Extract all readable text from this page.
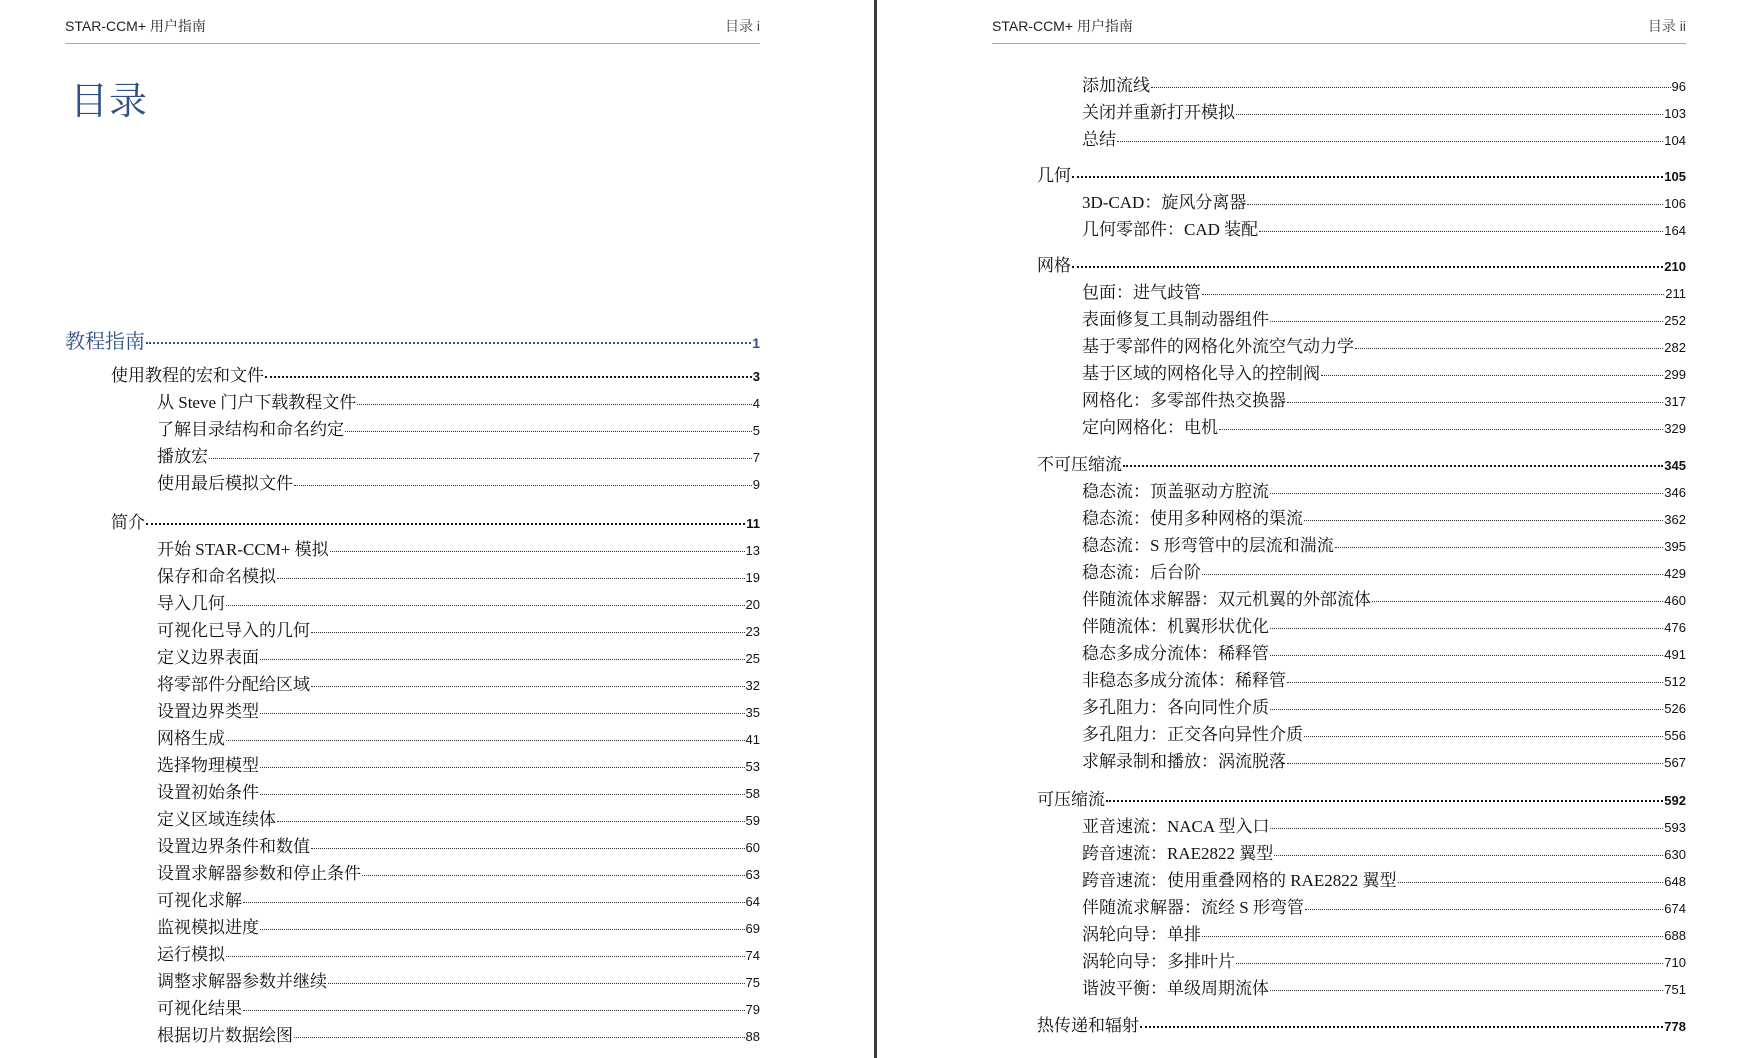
STAR-CCM+ 用户指南	目录 i
目录
教程指南	1
使用教程的宏和文件	3
从 Steve 门户下载教程文件	4
了解目录结构和命名约定	5
播放宏	7
使用最后模拟文件	9
简介	11
开始 STAR-CCM+ 模拟	13
保存和命名模拟	19
导入几何	20
可视化已导入的几何	23
定义边界表面	25
将零部件分配给区域	32
设置边界类型	35
网格生成	41
选择物理模型	53
设置初始条件	58
定义区域连续体	59
设置边界条件和数值	60
设置求解器参数和停止条件	63
可视化求解	64
监视模拟进度	69
运行模拟	74
调整求解器参数并继续	75
可视化结果	79
根据切片数据绘图	88
STAR-CCM+ 用户指南	目录 ii
添加流线	96
关闭并重新打开模拟	103
总结	104
几何	105
3D-CAD：旋风分离器	106
几何零部件：CAD 装配	164
网格	210
包面：进气歧管	211
表面修复工具制动器组件	252
基于零部件的网格化外流空气动力学	282
基于区域的网格化导入的控制阀	299
网格化：多零部件热交换器	317
定向网格化：电机	329
不可压缩流	345
稳态流：顶盖驱动方腔流	346
稳态流：使用多种网格的渠流	362
稳态流：S 形弯管中的层流和湍流	395
稳态流：后台阶	429
伴随流体求解器：双元机翼的外部流体	460
伴随流体：机翼形状优化	476
稳态多成分流体：稀释管	491
非稳态多成分流体：稀释管	512
多孔阻力：各向同性介质	526
多孔阻力：正交各向异性介质	556
求解录制和播放：涡流脱落	567
可压缩流	592
亚音速流：NACA 型入口	593
跨音速流：RAE2822 翼型	630
跨音速流：使用重叠网格的 RAE2822 翼型	648
伴随流求解器：流经 S 形弯管	674
涡轮向导：单排	688
涡轮向导：多排叶片	710
谐波平衡：单级周期流体	751
热传递和辐射	778
